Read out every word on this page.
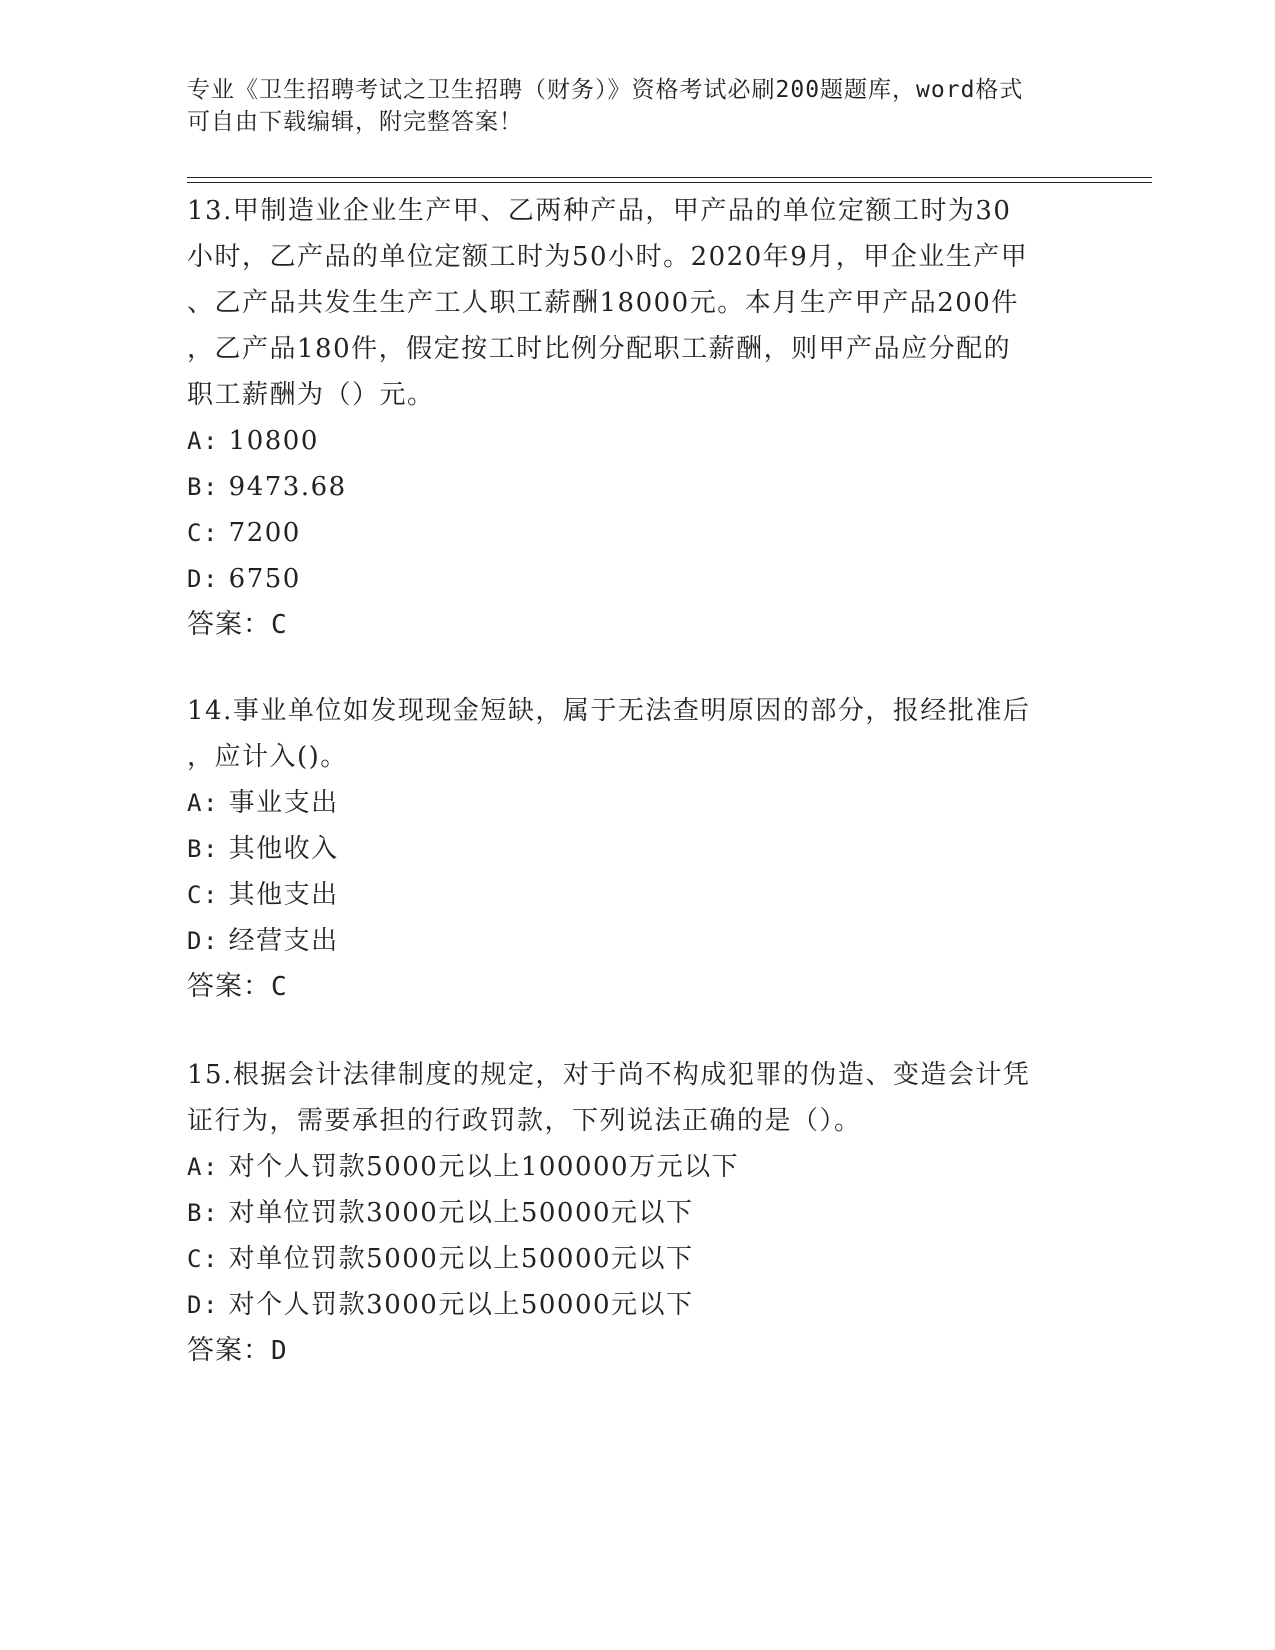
专业《卫生招聘考试之卫生招聘（财务）》资格考试必刷200题题库，word格式
可自由下载编辑，附完整答案！
13.甲制造业企业生产甲、乙两种产品，甲产品的单位定额工时为30
小时，乙产品的单位定额工时为50小时。2020年9月，甲企业生产甲
、乙产品共发生生产工人职工薪酬18000元。本月生产甲产品200件
，乙产品180件，假定按工时比例分配职工薪酬，则甲产品应分配的
职工薪酬为（）元。
A: 10800
B: 9473.68
C: 7200
D: 6750
答案：C
14.事业单位如发现现金短缺，属于无法查明原因的部分，报经批准后
，应计入()。
A: 事业支出
B: 其他收入
C: 其他支出
D: 经营支出
答案：C
15.根据会计法律制度的规定，对于尚不构成犯罪的伪造、变造会计凭
证行为，需要承担的行政罚款，下列说法正确的是（）。
A: 对个人罚款5000元以上100000万元以下
B: 对单位罚款3000元以上50000元以下
C: 对单位罚款5000元以上50000元以下
D: 对个人罚款3000元以上50000元以下
答案：D
